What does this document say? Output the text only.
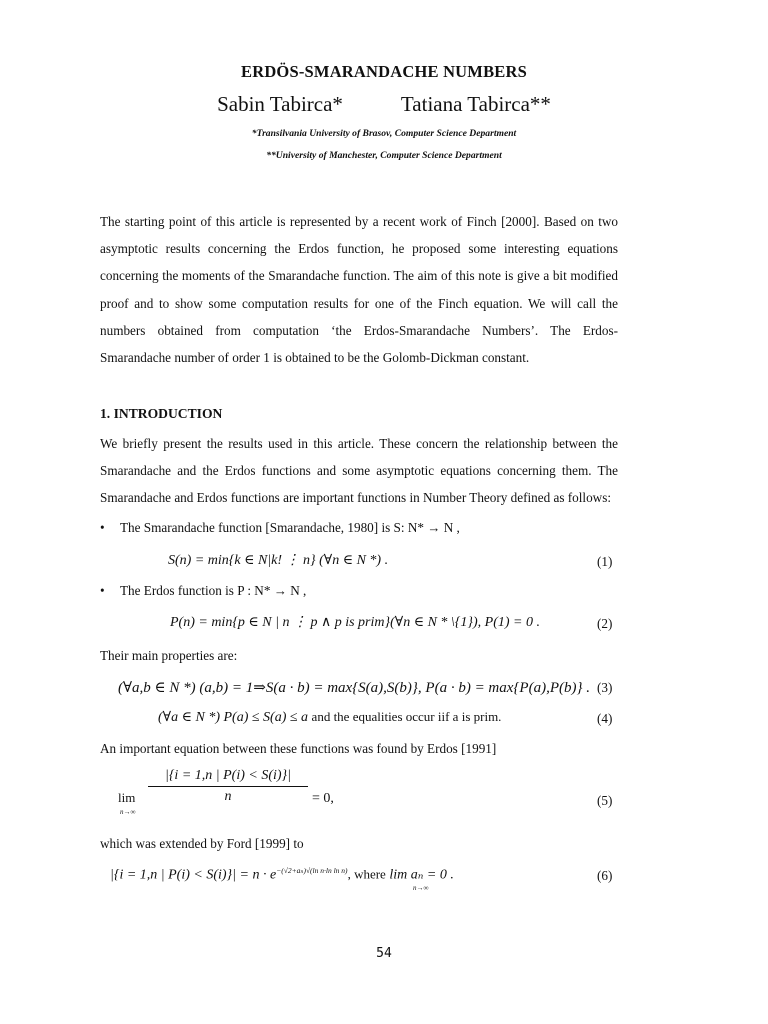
ERDÖS-SMARANDACHE NUMBERS
Sabin Tabirca*	Tatiana Tabirca**
*Transilvania University of Brasov, Computer Science Department
**University of Manchester, Computer Science Department
The starting point of this article is represented by a recent work of Finch [2000]. Based on two
asymptotic results concerning the Erdos function, he proposed some interesting equations
concerning the moments of the Smarandache function. The aim of this note is give a bit modified
proof and to show some computation results for one of the Finch equation. We will call the
numbers obtained from computation ‘the Erdos-Smarandache Numbers’. The Erdos-
Smarandache number of order 1 is obtained to be the Golomb-Dickman constant.
1. INTRODUCTION
We briefly present the results used in this article. These concern the relationship between the
Smarandache and the Erdos functions and some asymptotic equations concerning them. The
Smarandache and Erdos functions are important functions in Number Theory defined as follows:
• The Smarandache function [Smarandache, 1980] is S: N* → N ,
S(n) = min{k ∈ N|k! ⋮ n} (∀n ∈ N *) .	(1)
• The Erdos function is P : N* → N ,
P(n) = min{p ∈ N | n ⋮ p ∧ p is prim}(∀n ∈ N * \{1}), P(1) = 0 .	(2)
Their main properties are:
(∀a,b ∈ N *) (a,b) = 1⇒S(a · b) = max{S(a),S(b)}, P(a · b) = max{P(a),P(b)} . (3)
(∀a ∈ N *) P(a) ≤ S(a) ≤ a and the equalities occur iif a is prim.	(4)
An important equation between these functions was found by Erdos [1991]
lim
n→∞
|{i = 1,n | P(i) < S(i)}|
n	= 0,	(5)
which was extended by Ford [1999] to
|{i = 1,n | $P(i) < S(i)\}| = n \cdot e^{-(√2+a_n)√(ln n\cdot ln ln n)}$, where lim aₙ = 0 .
n→∞
(6)
54
